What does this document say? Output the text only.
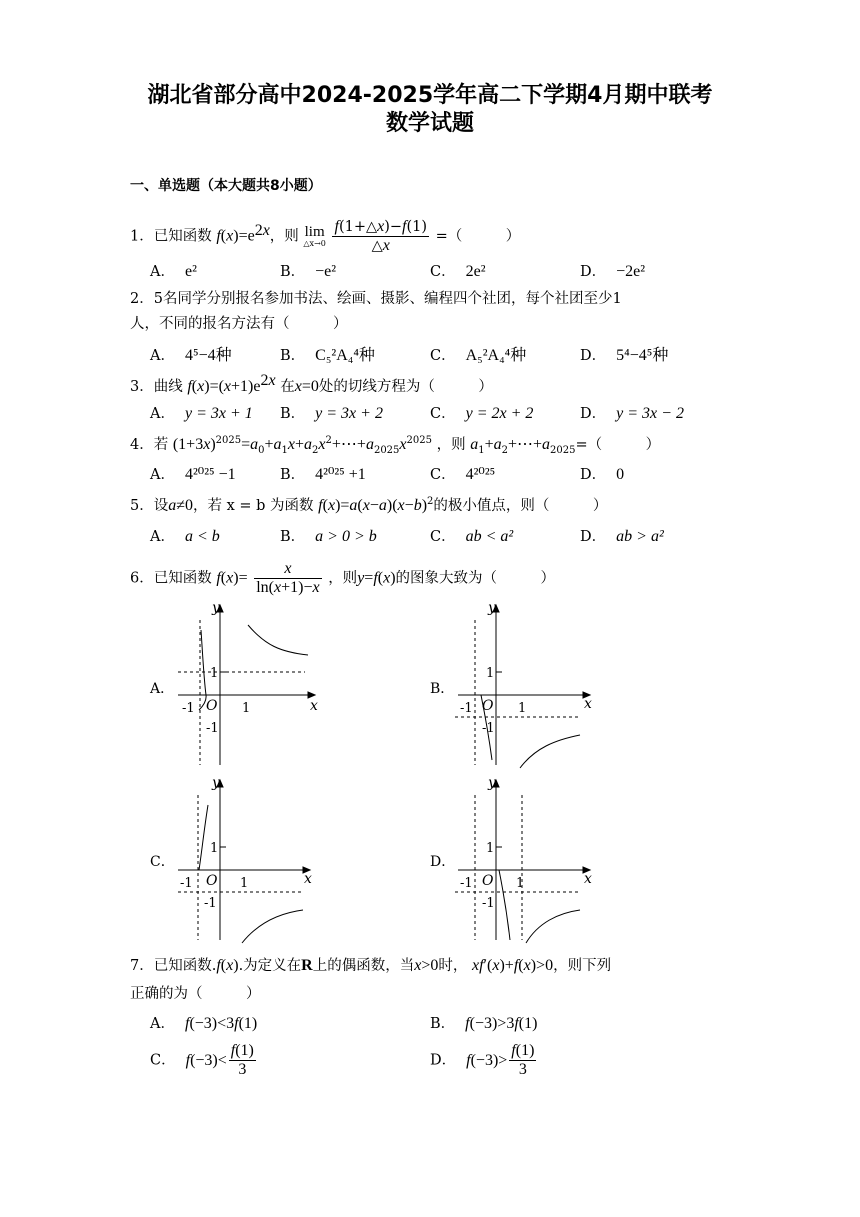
湖北省部分高中2024-2025学年高二下学期4月期中联考
数学试题
一、单选题（本大题共8小题）
1．已知函数 $f(x)=e^{2x}$，则 lim
△x→0
$\frac{f(1+\triangle x)-f(1)}{\triangle x}$ =（　　　）
A． e²	B． −e²	C． 2e²	D． −2e²
2．5名同学分别报名参加书法、绘画、摄影、编程四个社团，每个社团至少1
人，不同的报名方法有（　　　）
A． 4⁵−4种	B． C₅²A₄⁴种	C． A₅²A₄⁴种	D． 5⁴−4⁵种
3．曲线 $f(x)=(x+1)e^{2x}$ 在x=0处的切线方程为（　　　）
A． y = 3x + 1 B． y = 3x + 2	C． y = 2x + 2	D． y = 3x − 2
4．若 $(1+3x)^{2025}=a_0+a_1x+a_2x^2+\cdots+a_{2025}x^{2025}$ ，则 $a_1+a_2+\cdots+a_{2025}=$（　　　）
A． 4²⁰²⁵ −1	B． 4²⁰²⁵ +1	C． 4²⁰²⁵	D． 0
5．设a≠0，若 x = b 为函数 $f(x)=a(x-a)(x-b)^2$的极小值点，则（　　　）
A． a < b	B． a > 0 > b	C． ab < a²	D． ab > a²
6．已知函数 $f(x)= \frac{x}{\ln(x+1)-x}$ ，则y=f(x)的图象大致为（　　　）
A．	B．
C．	D．
y
x
O
-1	1
1
-1
y
x
O
-1	1
1
-1
y
x
O
-1	1
1
-1
y
x
O
-1	1
1
-1
7．已知函数.f(x).为定义在R上的偶函数，当x>0时， xf′(x)+f(x)>0，则下列
正确的为（　　　）
A． f(−3)<3f(1)	B． f(−3)>3f(1)
C． $f(-3)< \frac{f(1)}{3}$	D． $f(-3)> \frac{f(1)}{3}$
